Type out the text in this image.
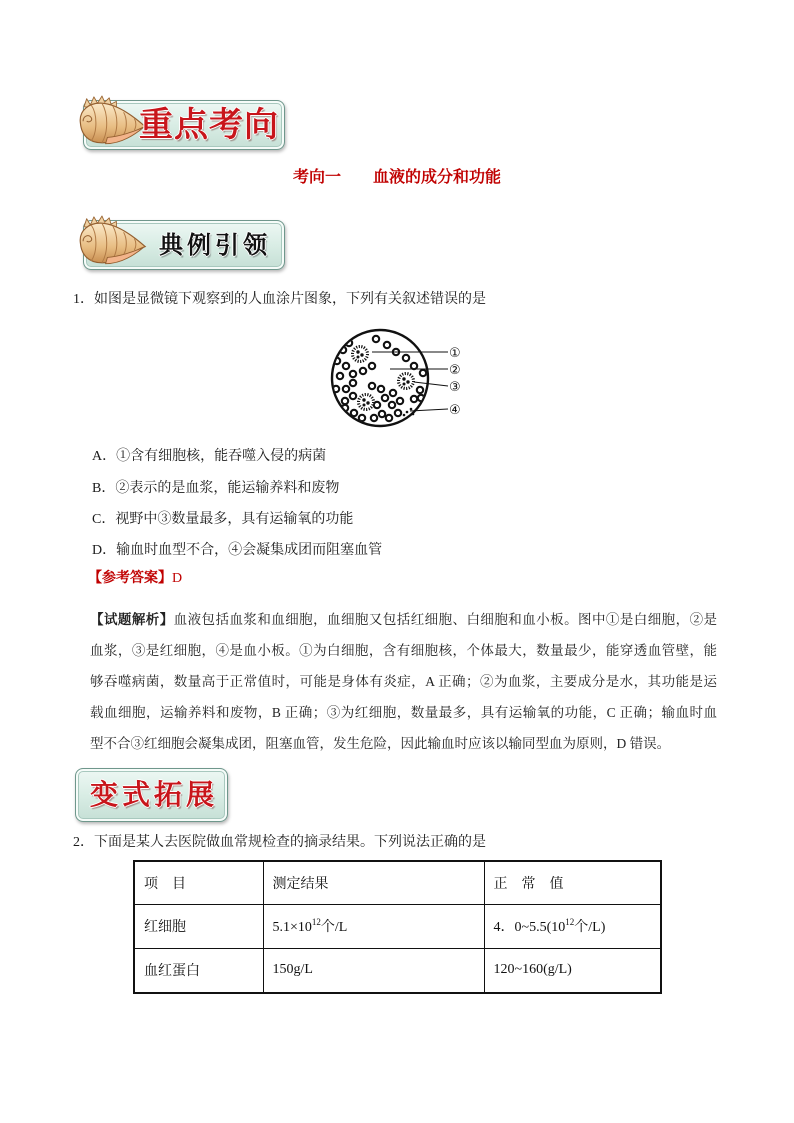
重点考向
考向一　　血液的成分和功能
典例引领
1．如图是显微镜下观察到的人血涂片图象，下列有关叙述错误的是
①
②
③
④
A．①含有细胞核，能吞噬入侵的病菌
B．②表示的是血浆，能运输养料和废物
C．视野中③数量最多，具有运输氧的功能
D．输血时血型不合，④会凝集成团而阻塞血管
【参考答案】D
【试题解析】血液包括血浆和血细胞，血细胞又包括红细胞、白细胞和血小板。图中①是白细胞，②是
血浆，③是红细胞，④是血小板。①为白细胞，含有细胞核，个体最大，数量最少，能穿透血管壁，能
够吞噬病菌，数量高于正常值时，可能是身体有炎症，A 正确；②为血浆，主要成分是水，其功能是运
载血细胞，运输养料和废物，B 正确；③为红细胞，数量最多，具有运输氧的功能，C 正确；输血时血
型不合③红细胞会凝集成团，阻塞血管，发生危险，因此输血时应该以输同型血为原则，D 错误。
变式拓展
2．下面是某人去医院做血常规检查的摘录结果。下列说法正确的是
项　目	测定结果	正　常　值
红细胞	$5.1\times 10^{12}$个/L	4．$0\sim 5.5(10^{12}$个/L)
血红蛋白	150g/L	120~160(g/L)
